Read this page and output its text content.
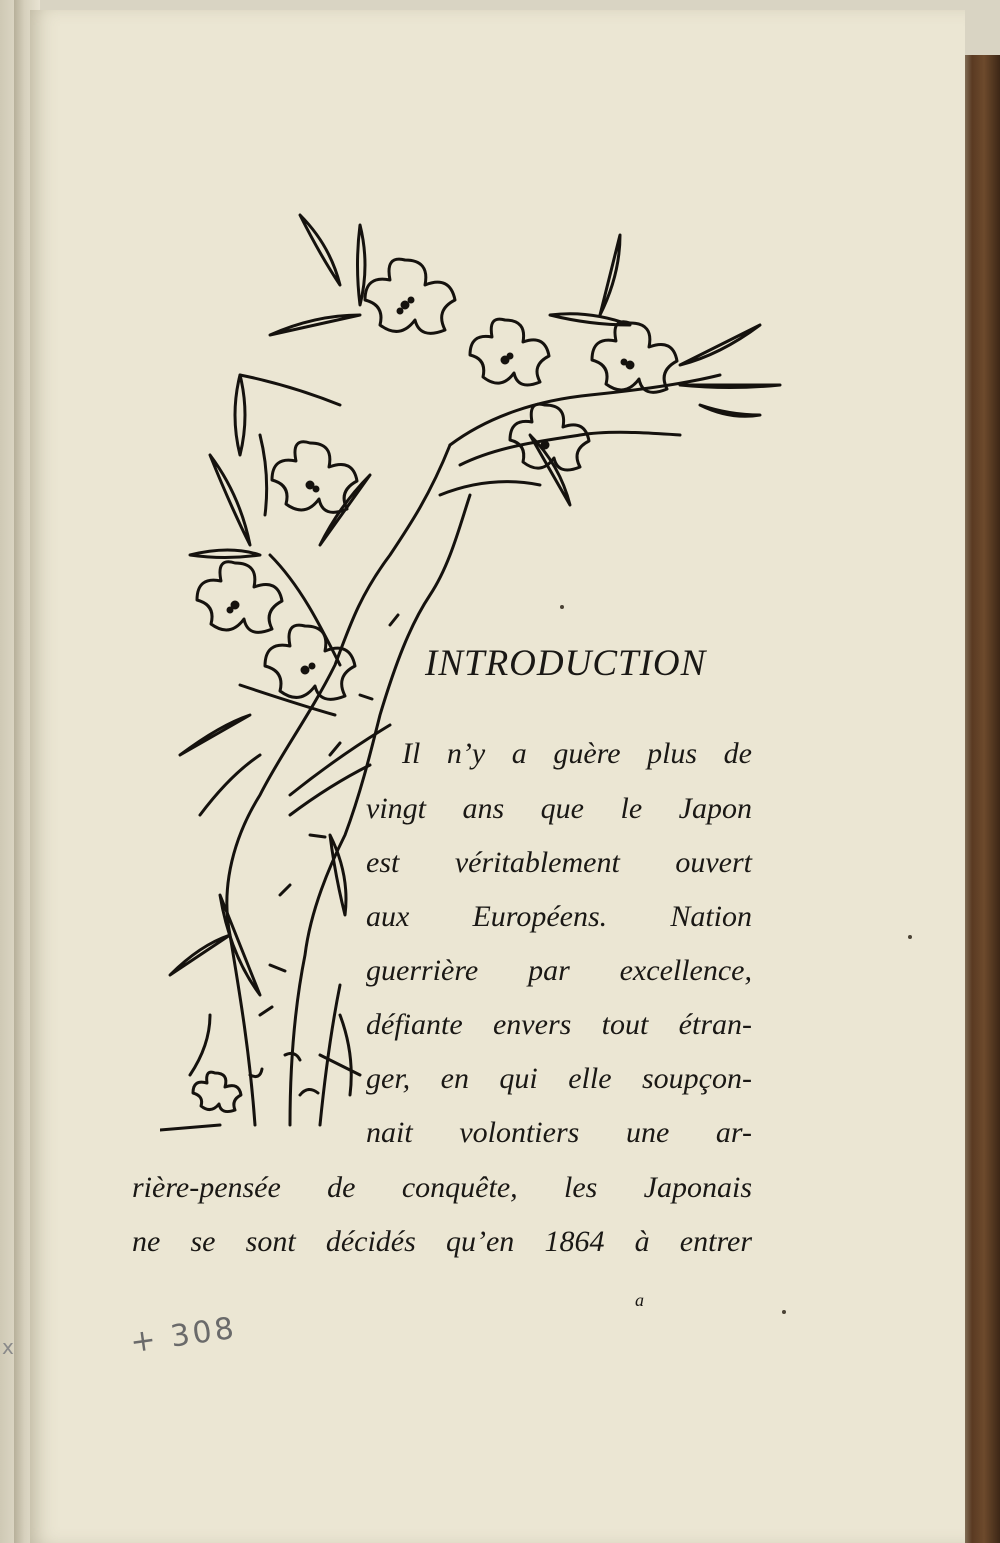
x
INTRODUCTION
Il n’y a guère plus de
vingt ans que le Japon
est véritablement ouvert
aux Européens. Nation
guerrière par excellence,
défiante envers tout étran-
ger, en qui elle soupçon-
nait volontiers une ar-
rière-pensée de conquête, les Japonais
ne se sont décidés qu’en 1864 à entrer
a
+ 308
